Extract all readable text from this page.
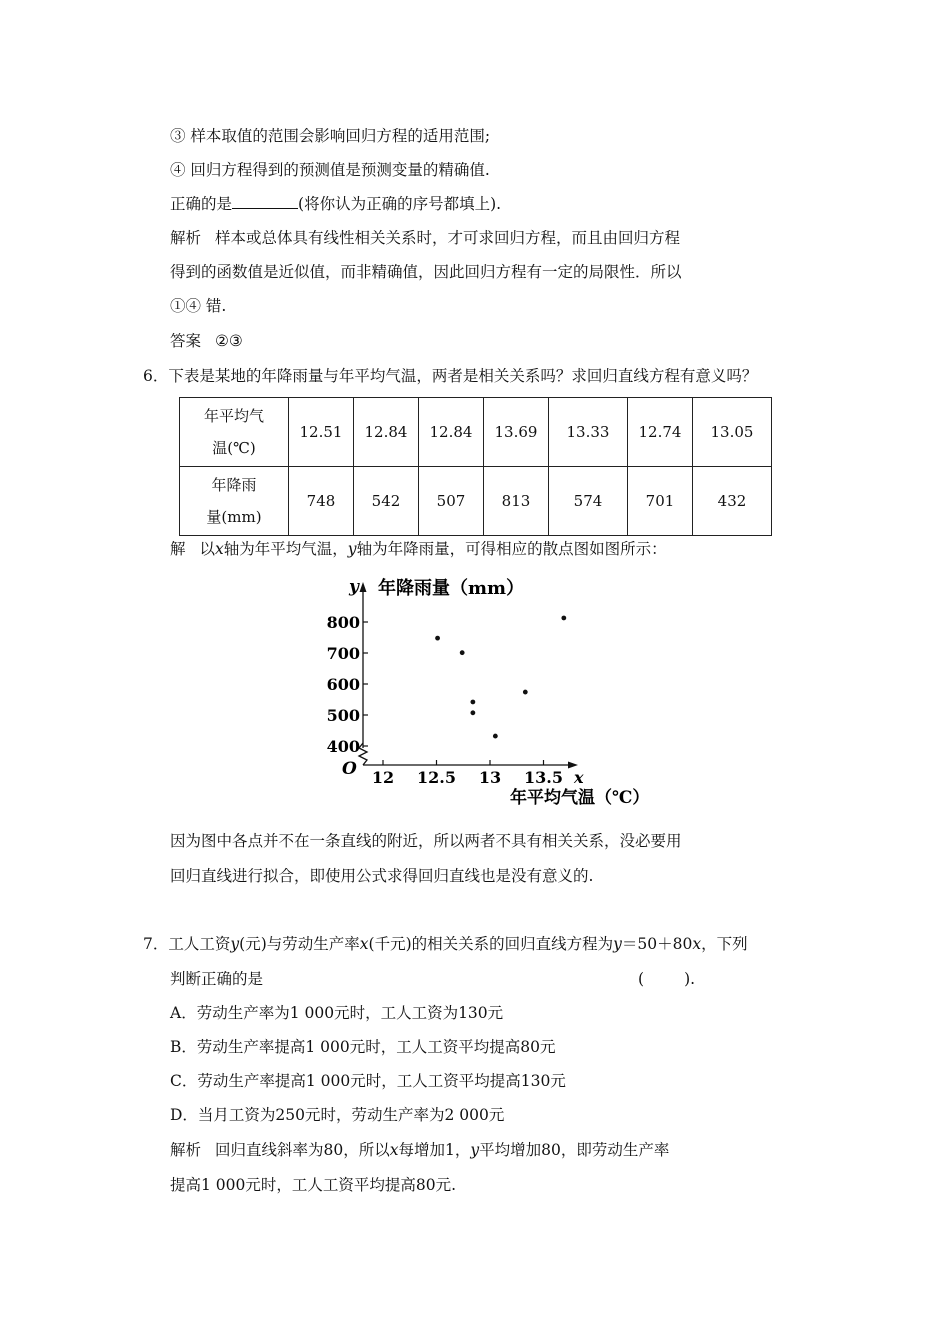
③ 样本取值的范围会影响回归方程的适用范围;
④ 回归方程得到的预测值是预测变量的精确值.
正确的是	(将你认为正确的序号都填上).
解析 样本或总体具有线性相关关系时，才可求回归方程，而且由回归方程
得到的函数值是近似值，而非精确值，因此回归方程有一定的局限性．所以
①④ 错.
答案 ②③
6．下表是某地的年降雨量与年平均气温，两者是相关关系吗？求回归直线方程有意义吗？
年平均气
温(℃)	12.51	12.84	12.84	13.69	13.33	12.74	13.05

年降雨
量(mm)	748	542	507	813	574	701	432
解 以x轴为年平均气温，y轴为年降雨量，可得相应的散点图如图所示：
y 年降雨量（mm）
x
O
年平均气温（℃）
400
500
600
700
800
12 12.5 13 13.5
因为图中各点并不在一条直线的附近，所以两者不具有相关关系，没必要用
回归直线进行拟合，即使用公式求得回归直线也是没有意义的.
7．工人工资y(元)与劳动生产率x(千元)的相关关系的回归直线方程为y＝50＋80x，下列
判断正确的是	(	).
A．劳动生产率为1 000元时，工人工资为130元
B．劳动生产率提高1 000元时，工人工资平均提高80元
C．劳动生产率提高1 000元时，工人工资平均提高130元
D．当月工资为250元时，劳动生产率为2 000元
解析 回归直线斜率为80，所以x每增加1，y平均增加80，即劳动生产率
提高1 000元时，工人工资平均提高80元.
